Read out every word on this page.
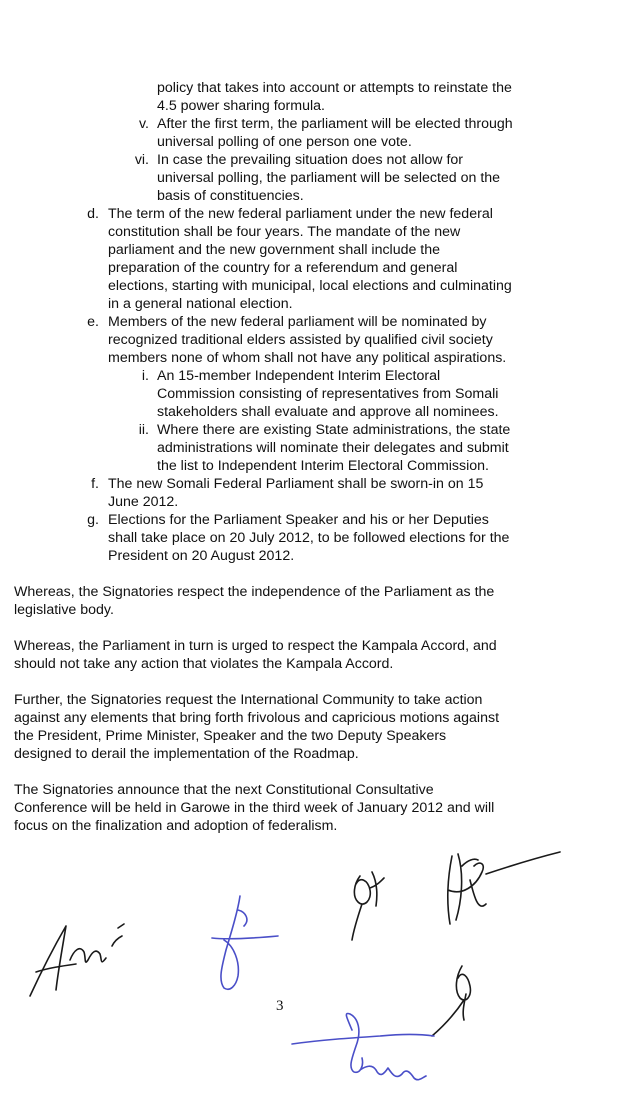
policy that takes into account or attempts to reinstate the
4.5 power sharing formula.
v. After the first term, the parliament will be elected through
universal polling of one person one vote.
vi. In case the prevailing situation does not allow for
universal polling, the parliament will be selected on the
basis of constituencies.
d. The term of the new federal parliament under the new federal
constitution shall be four years. The mandate of the new
parliament and the new government shall include the
preparation of the country for a referendum and general
elections, starting with municipal, local elections and culminating
in a general national election.
e. Members of the new federal parliament will be nominated by
recognized traditional elders assisted by qualified civil society
members none of whom shall not have any political aspirations.
i. An 15-member Independent Interim Electoral
Commission consisting of representatives from Somali
stakeholders shall evaluate and approve all nominees.
ii. Where there are existing State administrations, the state
administrations will nominate their delegates and submit
the list to Independent Interim Electoral Commission.
f. The new Somali Federal Parliament shall be sworn-in on 15
June 2012.
g. Elections for the Parliament Speaker and his or her Deputies
shall take place on 20 July 2012, to be followed elections for the
President on 20 August 2012.
Whereas, the Signatories respect the independence of the Parliament as the
legislative body.
Whereas, the Parliament in turn is urged to respect the Kampala Accord, and
should not take any action that violates the Kampala Accord.
Further, the Signatories request the International Community to take action
against any elements that bring forth frivolous and capricious motions against
the President, Prime Minister, Speaker and the two Deputy Speakers
designed to derail the implementation of the Roadmap.
The Signatories announce that the next Constitutional Consultative
Conference will be held in Garowe in the third week of January 2012 and will
focus on the finalization and adoption of federalism.
3
